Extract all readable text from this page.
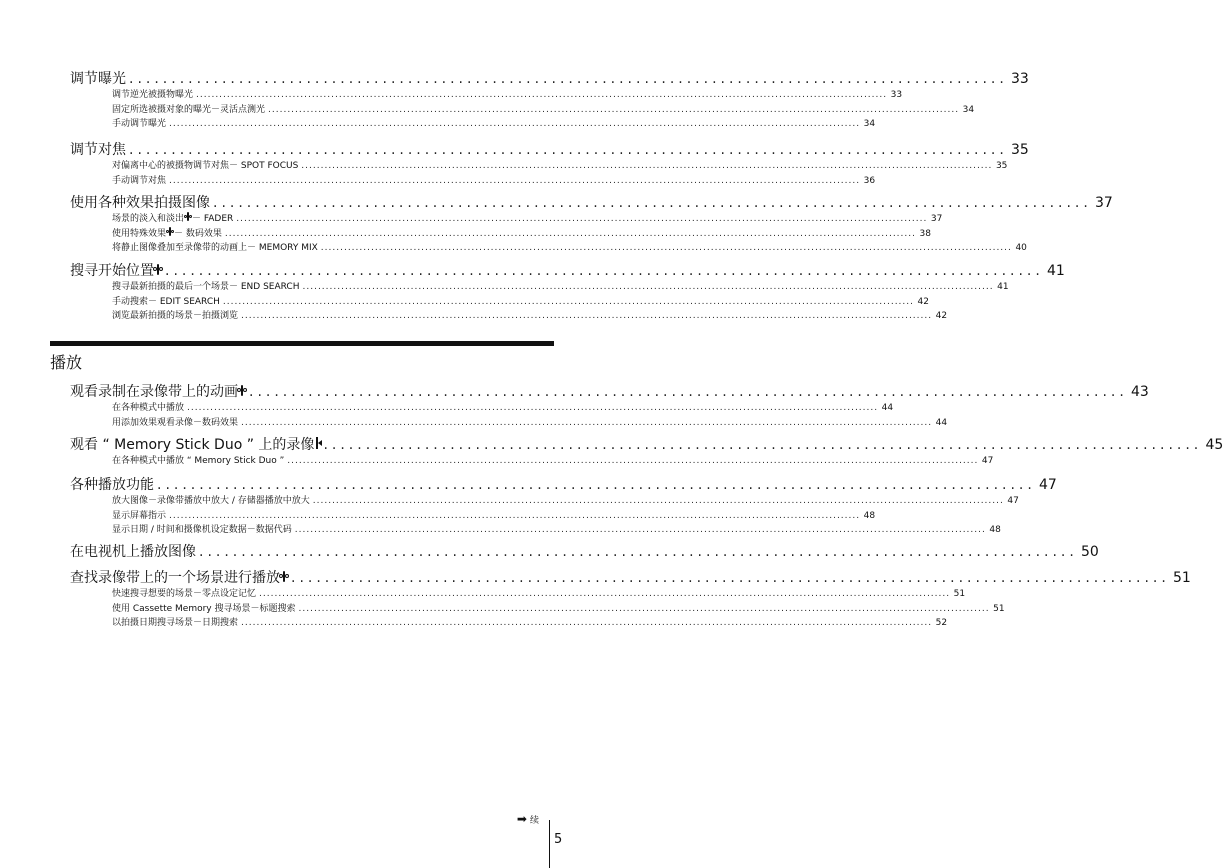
调节曝光 ........................................................................................................ 33
调节逆光被摄物曝光 ................................................................................................................................................................................... 33
固定所选被摄对象的曝光－灵活点测光 ................................................................................................................................................................................... 34
手动调节曝光 ................................................................................................................................................................................... 34
调节对焦 ........................................................................................................ 35
对偏离中心的被摄物调节对焦－ SPOT FOCUS ................................................................................................................................................................................... 35
手动调节对焦 ................................................................................................................................................................................... 36
使用各种效果拍摄图像 ........................................................................................................ 37
场景的淡入和淡出 － FADER ................................................................................................................................................................................... 37
使用特殊效果 － 数码效果 ................................................................................................................................................................................... 38
将静止图像叠加至录像带的动画上－ MEMORY MIX ................................................................................................................................................................................... 40
搜寻开始位置 ........................................................................................................ 41
搜寻最新拍摄的最后一个场景－ END SEARCH ................................................................................................................................................................................... 41
手动搜索－ EDIT SEARCH ................................................................................................................................................................................... 42
浏览最新拍摄的场景－拍摄浏览 ................................................................................................................................................................................... 42
播放
观看录制在录像带上的动画 ........................................................................................................ 43
在各种模式中播放 ................................................................................................................................................................................... 44
用添加效果观看录像－数码效果 ................................................................................................................................................................................... 44
观看 “ Memory Stick Duo ” 上的录像 ........................................................................................................ 45
在各种模式中播放 “ Memory Stick Duo ” ................................................................................................................................................................................... 47
各种播放功能 ........................................................................................................ 47
放大图像－录像带播放中放大 / 存储器播放中放大 ................................................................................................................................................................................... 47
显示屏幕指示 ................................................................................................................................................................................... 48
显示日期 / 时间和摄像机设定数据－数据代码 ................................................................................................................................................................................... 48
在电视机上播放图像 ........................................................................................................ 50
查找录像带上的一个场景进行播放 ........................................................................................................ 51
快速搜寻想要的场景－零点设定记忆 ................................................................................................................................................................................... 51
使用 Cassette Memory 搜寻场景－标题搜索 ................................................................................................................................................................................... 51
以拍摄日期搜寻场景－日期搜索 ................................................................................................................................................................................... 52
➡ 续
5
